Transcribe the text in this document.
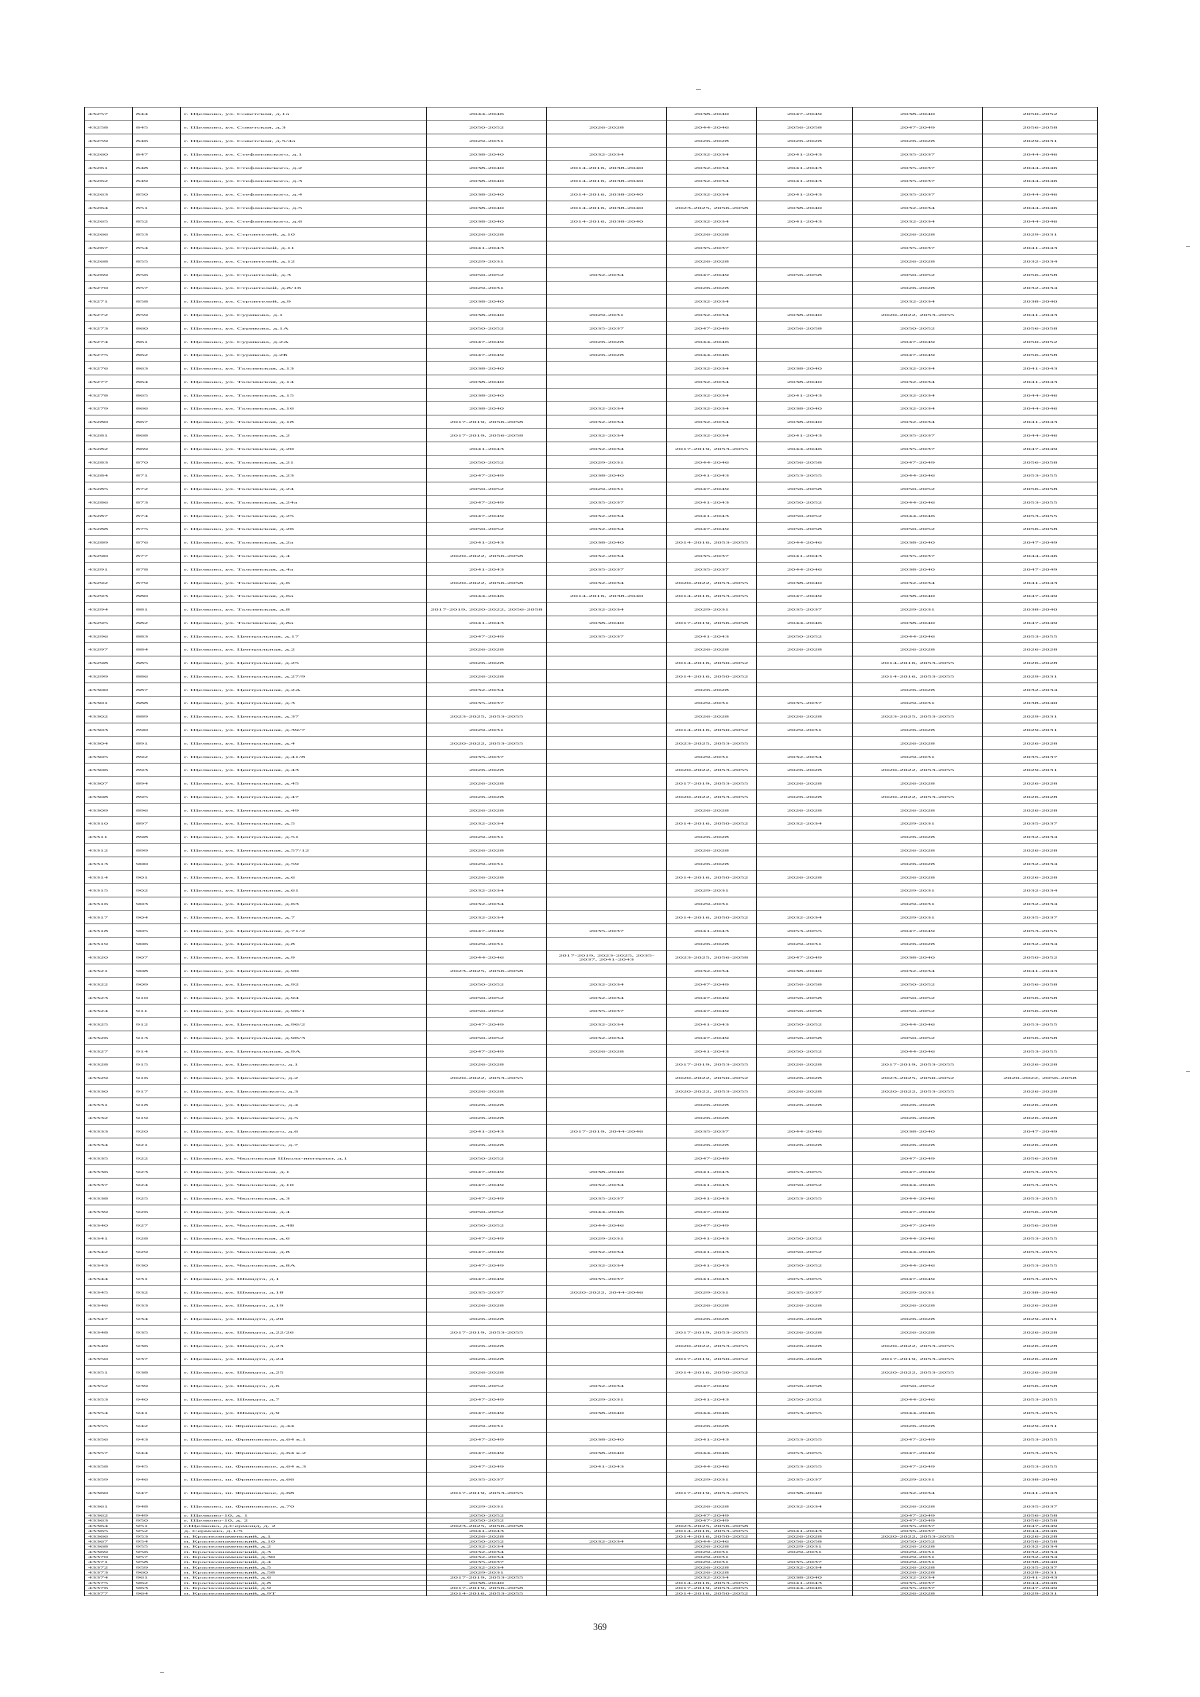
43257	844	г. Щелково, ул. Советская, д.1а	2044-2046		2038-2040	2047-2049	2038-2040	2050-2052
43258	845	г. Щелково, ул. Советская, д.3	2050-2052	2026-2028	2044-2046	2056-2058	2047-2049	2056-2058
43259	846	г. Щелково, ул. Советская, д.5/4а	2029-2031		2026-2028	2026-2028	2026-2028	2029-2031
43260	847	г. Щелково, ул. Стефановского, д.1	2038-2040	2032-2034	2032-2034	2041-2043	2035-2037	2044-2046
43261	848	г. Щелково, ул. Стефановского, д.2	2038-2040	2014-2016, 2038-2040	2032-2034	2041-2043	2035-2037	2044-2046
43262	849	г. Щелково, ул. Стефановского, д.3	2038-2040	2014-2016, 2038-2040	2032-2034	2041-2043	2035-2037	2044-2046
43263	850	г. Щелково, ул. Стефановского, д.4	2038-2040	2014-2016, 2038-2040	2032-2034	2041-2043	2035-2037	2044-2046
43264	851	г. Щелково, ул. Стефановского, д.5	2038-2040	2014-2016, 2038-2040	2023-2025, 2056-2058	2038-2040	2032-2034	2044-2046
43265	852	г. Щелково, ул. Стефановского, д.6	2038-2040	2014-2016, 2038-2040	2032-2034	2041-2043	2032-2034	2044-2046
43266	853	г. Щелково, ул. Строителей, д.10	2026-2028		2026-2028		2026-2028	2029-2031
43267	854	г. Щелково, ул. Строителей, д.11	2041-2043		2035-2037		2035-2037	2041-2043
43268	855	г. Щелково, ул. Строителей, д.12	2029-2031		2026-2028		2026-2028	2032-2034
43269	856	г. Щелково, ул. Строителей, д.3	2050-2052	2032-2034	2047-2049	2056-2058	2050-2052	2056-2058
43270	857	г. Щелково, ул. Строителей, д.8/16	2029-2031		2026-2028		2026-2028	2032-2034
43271	858	г. Щелково, ул. Строителей, д.9	2038-2040		2032-2034		2032-2034	2038-2040
43272	859	г. Щелково, ул. Сурикова, д.1	2038-2040	2029-2031	2032-2034	2038-2040	2020-2022, 2053-2055	2041-2043
43273	860	г. Щелково, ул. Сурикова, д.1А	2050-2052	2035-2037	2047-2049	2056-2058	2050-2052	2056-2058
43274	861	г. Щелково, ул. Сурикова, д.2А	2047-2049	2026-2028	2044-2046		2047-2049	2050-2052
43275	862	г. Щелково, ул. Сурикова, д.2Б	2047-2049	2026-2028	2044-2046		2047-2049	2056-2058
43276	863	г. Щелково, ул. Талсинская, д.13	2038-2040		2032-2034	2038-2040	2032-2034	2041-2043
43277	864	г. Щелково, ул. Талсинская, д.14	2038-2040		2032-2034	2038-2040	2032-2034	2041-2043
43278	865	г. Щелково, ул. Талсинская, д.15	2038-2040		2032-2034	2041-2043	2032-2034	2044-2046
43279	866	г. Щелково, ул. Талсинская, д.16	2038-2040	2032-2034	2032-2034	2038-2040	2032-2034	2044-2046
43280	867	г. Щелково, ул. Талсинская, д.18	2017-2019, 2056-2058	2032-2034	2032-2034	2038-2040	2032-2034	2041-2043
43281	868	г. Щелково, ул. Талсинская, д.2	2017-2019, 2056-2058	2032-2034	2032-2034	2041-2043	2035-2037	2044-2046
43282	869	г. Щелково, ул. Талсинская, д.20	2041-2043	2032-2034	2017-2019, 2053-2055	2044-2046	2035-2037	2047-2049
43283	870	г. Щелково, ул. Талсинская, д.21	2050-2052	2029-2031	2044-2046	2056-2058	2047-2049	2056-2058
43284	871	г. Щелково, ул. Талсинская, д.23	2047-2049	2038-2040	2041-2043	2053-2055	2044-2046	2053-2055
43285	872	г. Щелково, ул. Талсинская, д.24	2050-2052	2029-2031	2047-2049	2056-2058	2050-2052	2056-2058
43286	873	г. Щелково, ул. Талсинская, д.24а	2047-2049	2035-2037	2041-2043	2050-2052	2044-2046	2053-2055
43287	874	г. Щелково, ул. Талсинская, д.25	2047-2049	2032-2034	2041-2043	2050-2052	2044-2046	2053-2055
43288	875	г. Щелково, ул. Талсинская, д.26	2050-2052	2032-2034	2047-2049	2056-2058	2050-2052	2056-2058
43289	876	г. Щелково, ул. Талсинская, д.2а	2041-2043	2038-2040	2014-2016, 2053-2055	2044-2046	2038-2040	2047-2049
43290	877	г. Щелково, ул. Талсинская, д.4	2020-2022, 2056-2058	2032-2034	2035-2037	2041-2043	2035-2037	2044-2046
43291	878	г. Щелково, ул. Талсинская, д.4а	2041-2043	2035-2037	2035-2037	2044-2046	2038-2040	2047-2049
43292	879	г. Щелково, ул. Талсинская, д.6	2020-2022, 2056-2058	2032-2034	2020-2022, 2053-2055	2038-2040	2032-2034	2041-2043
43293	880	г. Щелково, ул. Талсинская, д.6а	2044-2046	2014-2016, 2038-2040	2014-2016, 2053-2055	2047-2049	2038-2040	2047-2049
43294	881	г. Щелково, ул. Талсинская, д.8	2017-2019, 2020-2022, 2056-2058	2032-2034	2029-2031	2035-2037	2029-2031	2038-2040
43295	882	г. Щелково, ул. Талсинская, д.8а	2041-2043	2038-2040	2017-2019, 2056-2058	2044-2046	2038-2040	2047-2049
43296	883	г. Щелково, ул. Центральная, д.17	2047-2049	2035-2037	2041-2043	2050-2052	2044-2046	2053-2055
43297	884	г. Щелково, ул. Центральная, д.2	2026-2028		2026-2028	2026-2028	2026-2028	2026-2028
43298	885	г. Щелково, ул. Центральная, д.25	2026-2028		2014-2016, 2050-2052		2014-2016, 2053-2055	2026-2028
43299	886	г. Щелково, ул. Центральная, д.27/9	2026-2028		2014-2016, 2050-2052		2014-2016, 2053-2055	2029-2031
43300	887	г. Щелково, ул. Центральная, д.2А	2032-2034		2026-2028		2026-2028	2032-2034
43301	888	г. Щелково, ул. Центральная, д.3	2035-2037		2029-2031	2035-2037	2029-2031	2038-2040
43302	889	г. Щелково, ул. Центральная, д.37	2023-2025, 2053-2055		2026-2028	2026-2028	2023-2025, 2053-2055	2029-2031
43303	890	г. Щелково, ул. Центральная, д.39/7	2029-2031		2014-2016, 2050-2052	2029-2031	2026-2028	2029-2031
43304	891	г. Щелково, ул. Центральная, д.4	2020-2022, 2053-2055		2023-2025, 2053-2055		2026-2028	2026-2028
43305	892	г. Щелково, ул. Центральная, д.41/8	2035-2037		2029-2031	2032-2034	2029-2031	2035-2037
43306	893	г. Щелково, ул. Центральная, д.43	2026-2028		2020-2022, 2053-2055	2026-2028	2020-2022, 2053-2055	2029-2031
43307	894	г. Щелково, ул. Центральная, д.45	2026-2028		2017-2019, 2053-2055	2026-2028	2026-2028	2026-2028
43308	895	г. Щелково, ул. Центральная, д.47	2026-2028		2020-2022, 2053-2055	2026-2028	2020-2022, 2053-2055	2026-2028
43309	896	г. Щелково, ул. Центральная, д.49	2026-2028		2026-2028	2026-2028	2026-2028	2026-2028
43310	897	г. Щелково, ул. Центральная, д.5	2032-2034		2014-2016, 2050-2052	2032-2034	2029-2031	2035-2037
43311	898	г. Щелково, ул. Центральная, д.51	2029-2031		2026-2028		2026-2028	2032-2034
43312	899	г. Щелково, ул. Центральная, д.57/12	2026-2028		2026-2028		2026-2028	2026-2028
43313	900	г. Щелково, ул. Центральная, д.59	2029-2031		2026-2028		2026-2028	2032-2034
43314	901	г. Щелково, ул. Центральная, д.6	2026-2028		2014-2016, 2050-2052	2026-2028	2026-2028	2026-2028
43315	902	г. Щелково, ул. Центральная, д.61	2032-2034		2029-2031		2029-2031	2032-2034
43316	903	г. Щелково, ул. Центральная, д.63	2032-2034		2029-2031		2029-2031	2032-2034
43317	904	г. Щелково, ул. Центральная, д.7	2032-2034		2014-2016, 2050-2052	2032-2034	2029-2031	2035-2037
43318	905	г. Щелково, ул. Центральная, д.71/2	2047-2049	2035-2037	2041-2043	2053-2055	2047-2049	2053-2055
43319	906	г. Щелково, ул. Центральная, д.8	2029-2031		2026-2028	2029-2031	2026-2028	2032-2034
43320	907	г. Щелково, ул. Центральная, д.9	2044-2046	2017-2019, 2023-2025, 2035-2037, 2041-2043	2023-2025, 2056-2058	2047-2049	2038-2040	2050-2052
43321	908	г. Щелково, ул. Центральная, д.90	2023-2025, 2056-2058		2032-2034	2038-2040	2032-2034	2041-2043
43322	909	г. Щелково, ул. Центральная, д.92	2050-2052	2032-2034	2047-2049	2056-2058	2050-2052	2056-2058
43323	910	г. Щелково, ул. Центральная, д.94	2050-2052	2032-2034	2047-2049	2056-2058	2050-2052	2056-2058
43324	911	г. Щелково, ул. Центральная, д.96/1	2050-2052	2035-2037	2047-2049	2056-2058	2050-2052	2056-2058
43325	912	г. Щелково, ул. Центральная, д.96/2	2047-2049	2032-2034	2041-2043	2050-2052	2044-2046	2053-2055
43326	913	г. Щелково, ул. Центральная, д.96/3	2050-2052	2032-2034	2047-2049	2056-2058	2050-2052	2056-2058
43327	914	г. Щелково, ул. Центральная, д.9А	2047-2049	2026-2028	2041-2043	2050-2052	2044-2046	2053-2055
43328	915	г. Щелково, ул. Циолковского, д.1	2026-2028		2017-2019, 2053-2055	2026-2028	2017-2019, 2053-2055	2026-2028
43329	916	г. Щелково, ул. Циолковского, д.2	2020-2022, 2053-2055		2020-2022, 2050-2052	2026-2028	2023-2025, 2050-2052	2020-2022, 2056-2058
43330	917	г. Щелково, ул. Циолковского, д.3	2026-2028		2020-2022, 2053-2055	2026-2028	2020-2022, 2053-2055	2026-2028
43331	918	г. Щелково, ул. Циолковского, д.4	2026-2028		2026-2028	2026-2028	2026-2028	2026-2028
43332	919	г. Щелково, ул. Циолковского, д.5	2026-2028		2026-2028		2026-2028	2026-2028
43333	920	г. Щелково, ул. Циолковского, д.6	2041-2043	2017-2019, 2044-2046	2035-2037	2044-2046	2038-2040	2047-2049
43334	921	г. Щелково, ул. Циолковского, д.7	2026-2028		2026-2028	2026-2028	2026-2028	2026-2028
43335	922	г. Щелково, ул. Чкаловская Школа-интернат, д.1	2050-2052		2047-2049		2047-2049	2056-2058
43336	923	г. Щелково, ул. Чкаловская, д.1	2047-2049	2038-2040	2041-2043	2053-2055	2047-2049	2053-2055
43337	924	г. Щелково, ул. Чкаловская, д.10	2047-2049	2032-2034	2041-2043	2050-2052	2044-2046	2053-2055
43338	925	г. Щелково, ул. Чкаловская, д.3	2047-2049	2035-2037	2041-2043	2053-2055	2044-2046	2053-2055
43339	926	г. Щелково, ул. Чкаловская, д.4	2050-2052	2044-2046	2047-2049		2047-2049	2056-2058
43340	927	г. Щелково, ул. Чкаловская, д.4Б	2050-2052	2044-2046	2047-2049		2047-2049	2056-2058
43341	928	г. Щелково, ул. Чкаловская, д.6	2047-2049	2029-2031	2041-2043	2050-2052	2044-2046	2053-2055
43342	929	г. Щелково, ул. Чкаловская, д.8	2047-2049	2032-2034	2041-2043	2050-2052	2044-2046	2053-2055
43343	930	г. Щелково, ул. Чкаловская, д.8А	2047-2049	2032-2034	2041-2043	2050-2052	2044-2046	2053-2055
43344	931	г. Щелково, ул. Шмидта, д.1	2047-2049	2035-2037	2041-2043	2053-2055	2047-2049	2053-2055
43345	932	г. Щелково, ул. Шмидта, д.18	2035-2037	2020-2022, 2044-2046	2029-2031	2035-2037	2029-2031	2038-2040
43346	933	г. Щелково, ул. Шмидта, д.19	2026-2028		2026-2028	2026-2028	2026-2028	2026-2028
43347	934	г. Щелково, ул. Шмидта, д.20	2026-2028		2026-2028	2026-2028	2026-2028	2029-2031
43348	935	г. Щелково, ул. Шмидта, д.22/26	2017-2019, 2053-2055		2017-2019, 2053-2055	2026-2028	2026-2028	2026-2028
43349	936	г. Щелково, ул. Шмидта, д.23	2026-2028		2020-2022, 2053-2055	2026-2028	2020-2022, 2053-2055	2026-2028
43350	937	г. Щелково, ул. Шмидта, д.24	2026-2028		2017-2019, 2050-2052	2026-2028	2017-2019, 2053-2055	2026-2028
43351	938	г. Щелково, ул. Шмидта, д.25	2026-2028		2014-2016, 2050-2052		2020-2022, 2053-2055	2026-2028
43352	939	г. Щелково, ул. Шмидта, д.6	2050-2052	2032-2034	2047-2049	2056-2058	2050-2052	2056-2058
43353	940	г. Щелково, ул. Шмидта, д.7	2047-2049	2029-2031	2041-2043	2050-2052	2044-2046	2053-2055
43354	941	г. Щелково, ул. Шмидта, д.9	2047-2049	2038-2040	2044-2046	2053-2055	2044-2046	2053-2055
43355	942	г. Щелково, ш. Фряновское, д.44	2029-2031		2026-2028		2026-2028	2029-2031
43356	943	г. Щелково, ш. Фряновское, д.64 к.1	2047-2049	2038-2040	2041-2043	2053-2055	2047-2049	2053-2055
43357	944	г. Щелково, ш. Фряновское, д.64 к.2	2047-2049	2038-2040	2044-2046	2053-2055	2047-2049	2053-2055
43358	945	г. Щелково, ш. Фряновское, д.64 к.3	2047-2049	2041-2043	2044-2046	2053-2055	2047-2049	2053-2055
43359	946	г. Щелково, ш. Фряновское, д.66	2035-2037		2029-2031	2035-2037	2029-2031	2038-2040
43360	947	г. Щелково, ш. Фряновское, д.68	2017-2019, 2053-2055		2017-2019, 2053-2055	2038-2040	2032-2034	2041-2043
43361	948	г. Щелково, ш. Фряновское, д.70	2029-2031		2026-2028	2032-2034	2026-2028	2035-2037
43362	949	г. Щелково-10, д. 1	2050-2052		2047-2049		2047-2049	2056-2058
43363	950	г. Щелково-10, д. 2	2050-2052		2047-2049		2047-2049	2056-2058
43364	951	г.Щелково, д.Сермонд, д. 2	2023-2025, 2056-2058		2023-2025, 2056-2058		2035-2037	2047-2049
43365	952	д. Сермоно, д.1/5	2041-2043		2014-2016, 2053-2055	2041-2043	2035-2037	2044-2046
43366	953	п. Краснознаменский, д.1	2026-2028		2014-2016, 2050-2052	2026-2028	2020-2022, 2053-2055	2026-2028
43367	954	п. Краснознаменский, д.10	2050-2052	2032-2034	2044-2046	2056-2058	2050-2052	2056-2058
43368	955	п. Краснознаменский, д.2	2032-2034		2026-2028	2029-2031	2026-2028	2032-2034
43369	956	п. Краснознаменский, д.3	2032-2034		2029-2031	2029-2031	2029-2031	2032-2034
43370	957	п. Краснознаменский, д.30	2032-2034		2029-2031		2029-2031	2032-2034
43371	958	п. Краснознаменский, д.4	2035-2037		2029-2031	2035-2037	2029-2031	2038-2040
43372	959	п. Краснознаменский, д.5	2032-2034		2026-2028	2032-2034	2026-2028	2035-2037
43373	960	п. Краснознаменский, д.58	2029-2031		2026-2028		2026-2028	2029-2031
43374	961	п. Краснознаменский, д.6	2017-2019, 2053-2055		2032-2034	2038-2040	2032-2034	2041-2043
43375	962	п. Краснознаменский, д.8	2038-2040		2014-2016, 2053-2055	2041-2043	2035-2037	2044-2046
43376	963	п. Краснознаменский, д.9	2017-2019, 2056-2058		2017-2019, 2053-2055	2044-2046	2035-2037	2047-2049
43377	964	п. Краснознаменский, д.9Т	2014-2016, 2053-2055		2014-2016, 2050-2052		2026-2028	2029-2031
369
